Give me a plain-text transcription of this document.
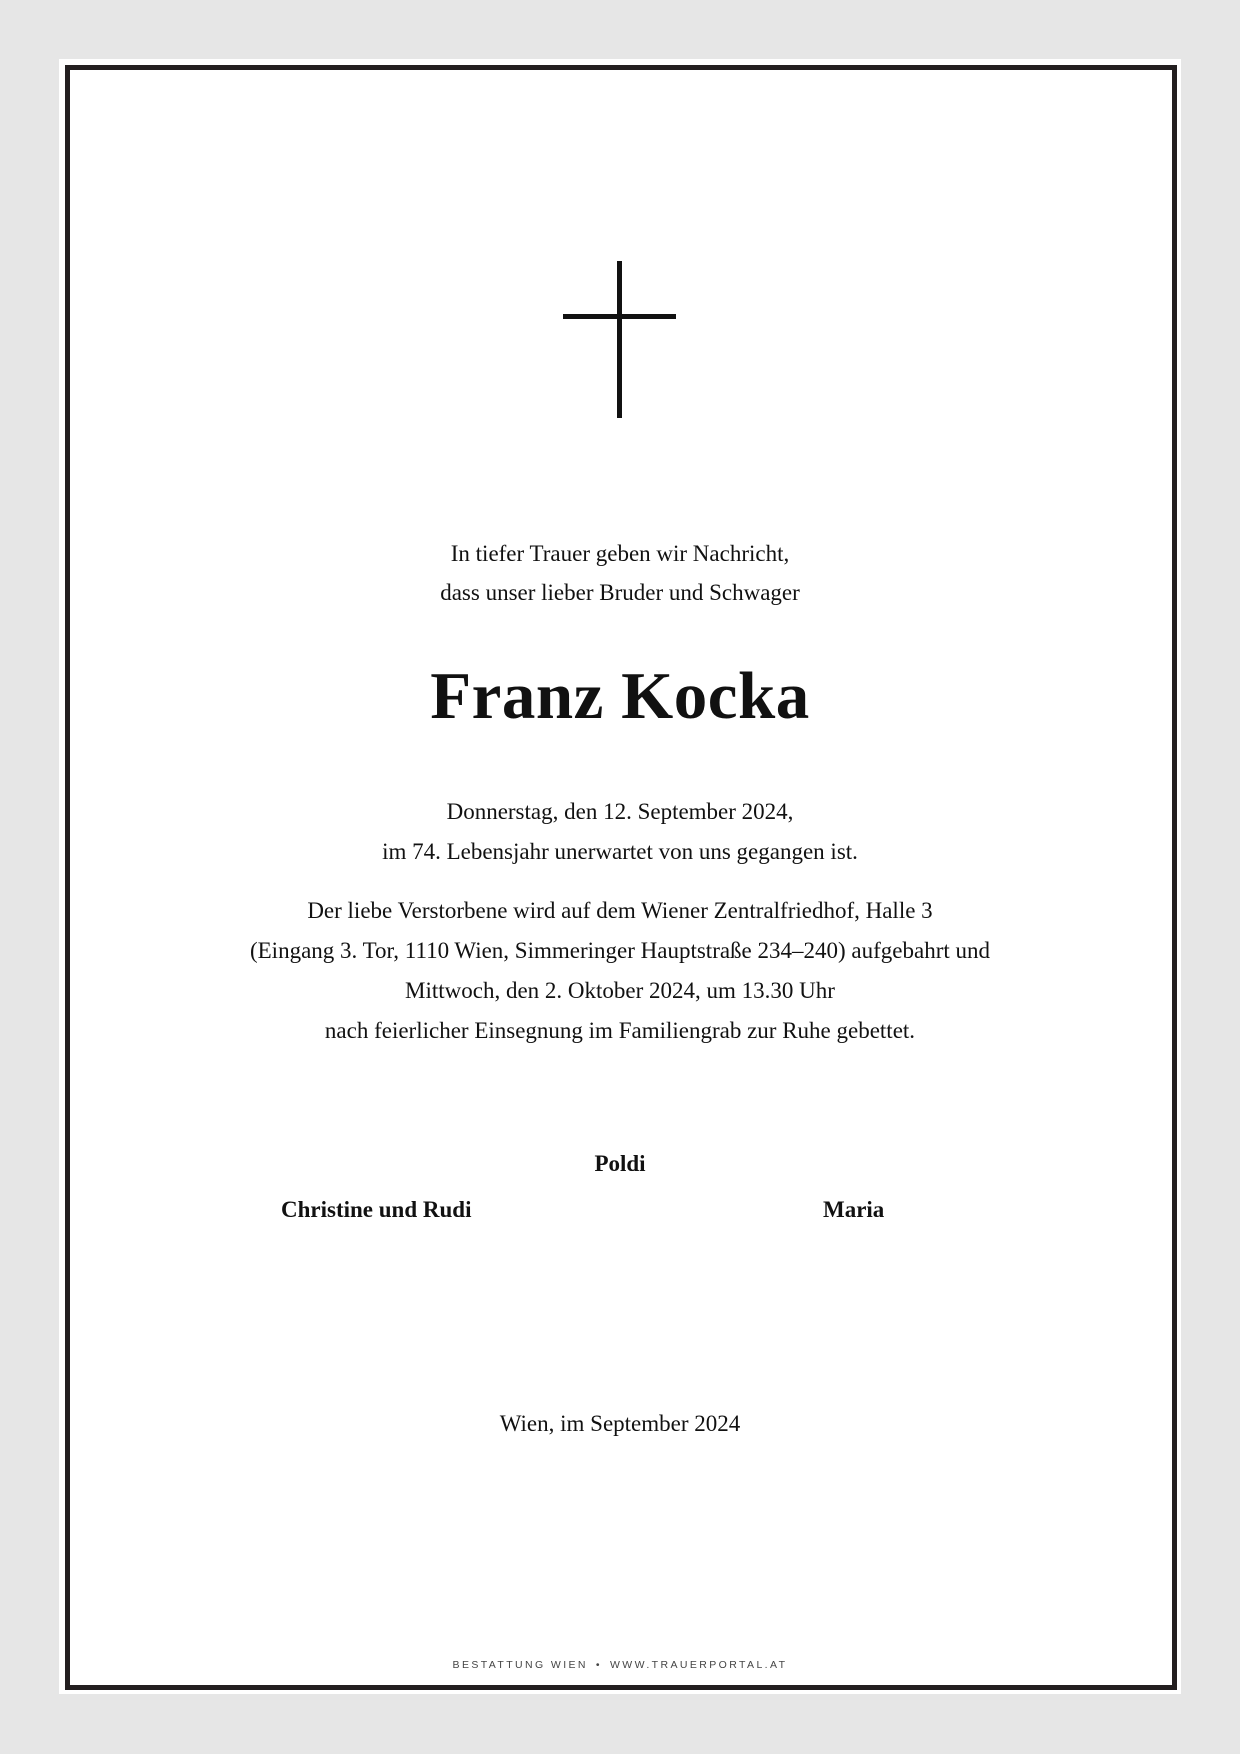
In tiefer Trauer geben wir Nachricht,
dass unser lieber Bruder und Schwager

Franz Kocka

Donnerstag, den 12. September 2024,
im 74. Lebensjahr unerwartet von uns gegangen ist.

Der liebe Verstorbene wird auf dem Wiener Zentralfriedhof, Halle 3
(Eingang 3. Tor, 1110 Wien, Simmeringer Hauptstraße 234–240) aufgebahrt und
Mittwoch, den 2. Oktober 2024, um 13.30 Uhr
nach feierlicher Einsegnung im Familiengrab zur Ruhe gebettet.

Poldi
Christine und Rudi	Maria

Wien, im September 2024

BESTATTUNG WIEN • WWW.TRAUERPORTAL.AT
